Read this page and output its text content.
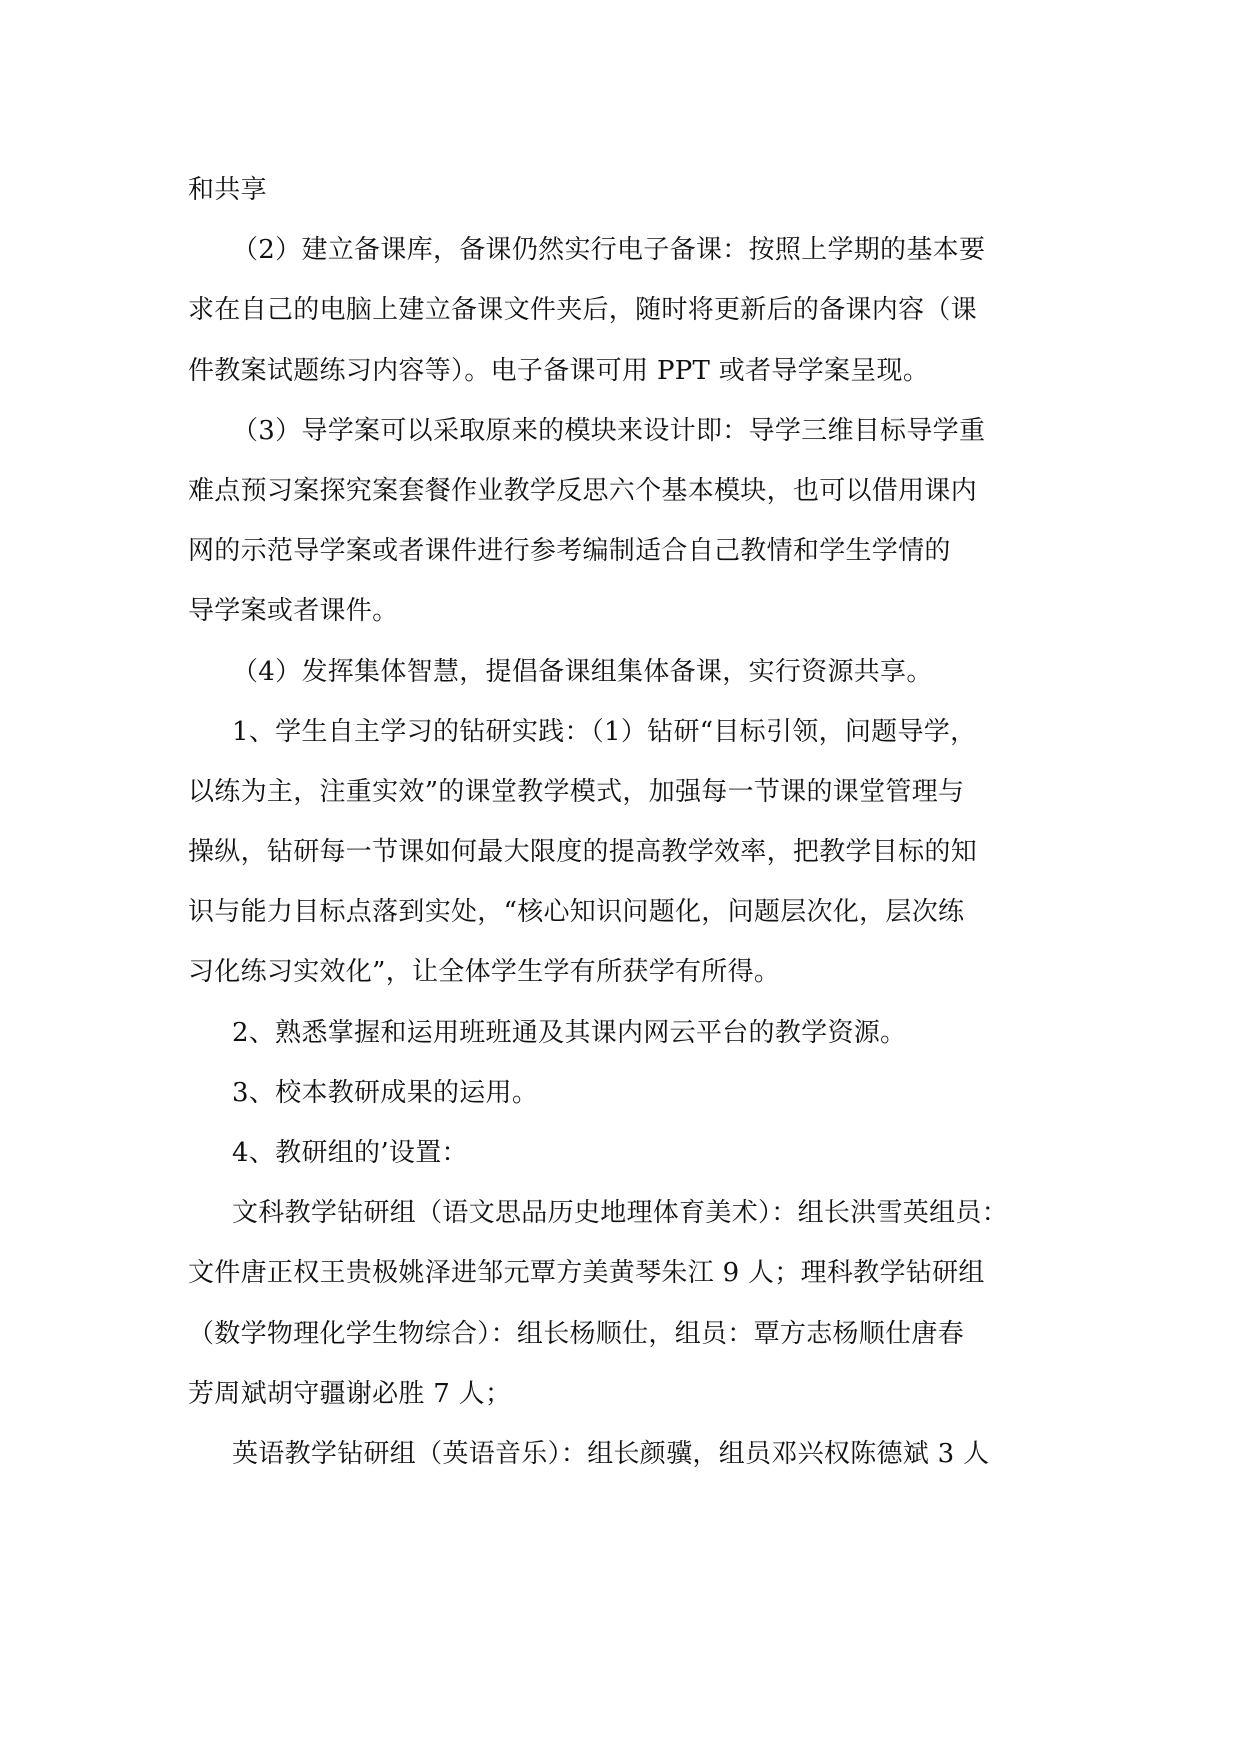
和共享
（2）建立备课库，备课仍然实行电子备课：按照上学期的基本要
求在自己的电脑上建立备课文件夹后，随时将更新后的备课内容（课
件教案试题练习内容等）。电子备课可用 PPT 或者导学案呈现。
（3）导学案可以采取原来的模块来设计即：导学三维目标导学重
难点预习案探究案套餐作业教学反思六个基本模块，也可以借用课内
网的示范导学案或者课件进行参考编制适合自己教情和学生学情的
导学案或者课件。
（4）发挥集体智慧，提倡备课组集体备课，实行资源共享。
1、学生自主学习的钻研实践：（1）钻研“目标引领，问题导学，
以练为主，注重实效”的课堂教学模式，加强每一节课的课堂管理与
操纵，钻研每一节课如何最大限度的提高教学效率，把教学目标的知
识与能力目标点落到实处，“核心知识问题化，问题层次化，层次练
习化练习实效化”，让全体学生学有所获学有所得。
2、熟悉掌握和运用班班通及其课内网云平台的教学资源。
3、校本教研成果的运用。
4、教研组的’设置：
文科教学钻研组（语文思品历史地理体育美术）：组长洪雪英组员：
文件唐正权王贵极姚泽进邹元覃方美黄琴朱江 9 人；理科教学钻研组
（数学物理化学生物综合）：组长杨顺仕，组员：覃方志杨顺仕唐春
芳周斌胡守疆谢必胜 7 人；
英语教学钻研组（英语音乐）：组长颜骥，组员邓兴权陈德斌 3 人
